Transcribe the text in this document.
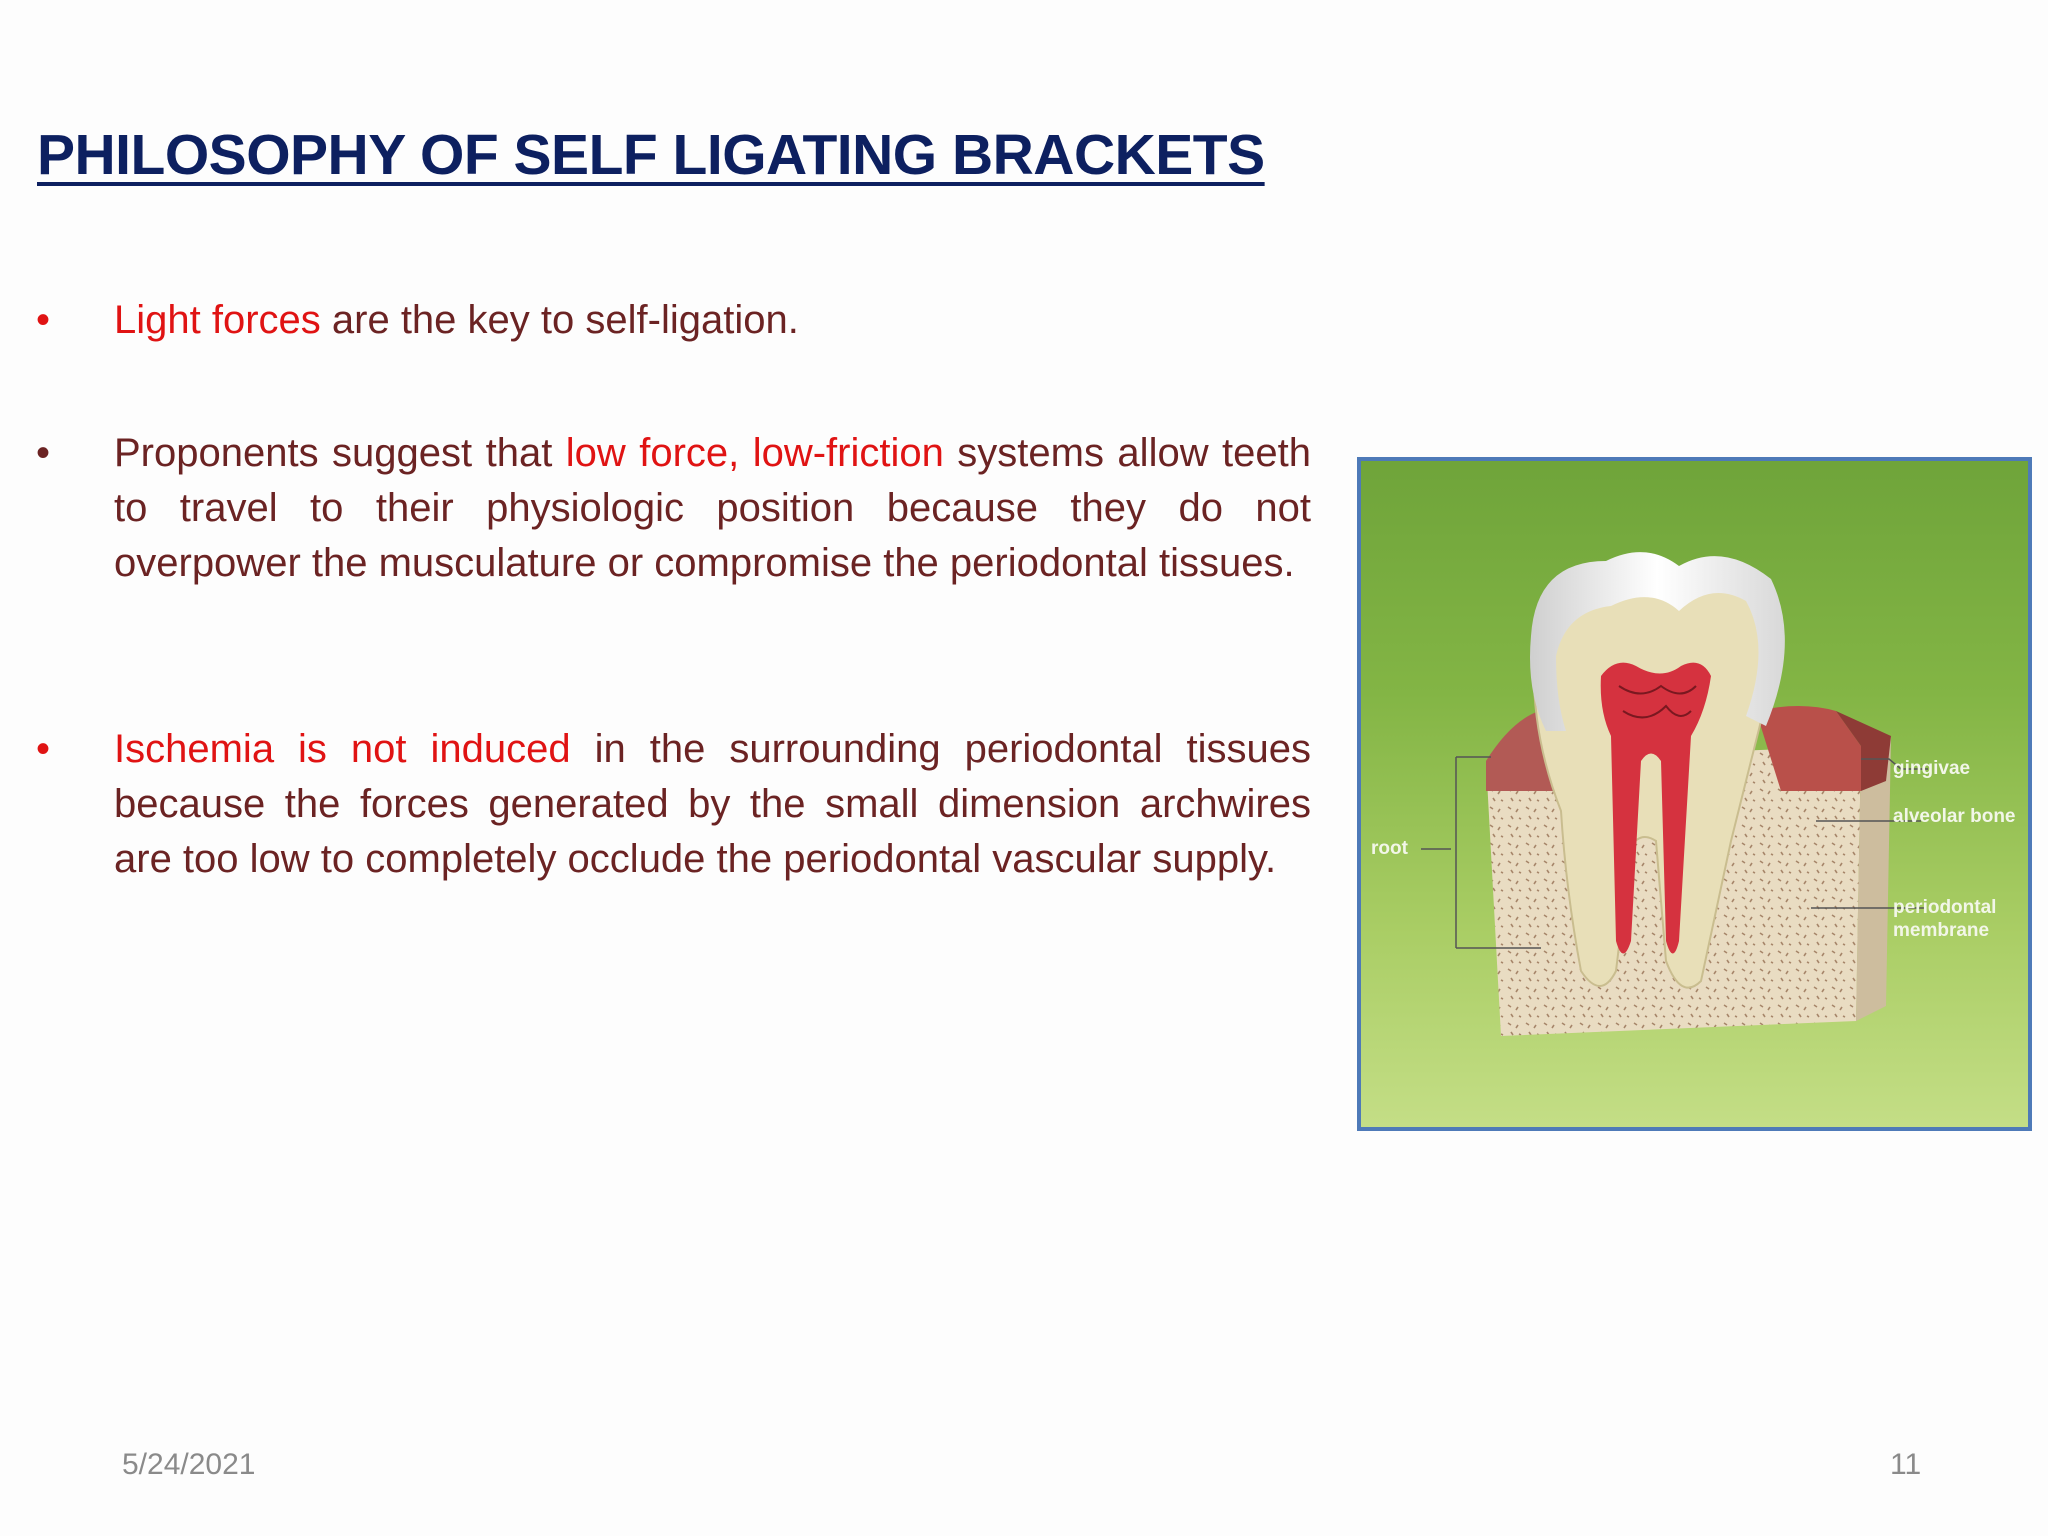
PHILOSOPHY OF SELF LIGATING BRACKETS
• Light forces are the key to self-ligation.
• Proponents suggest that low force, low-friction systems allow teeth to travel to their physiologic position because they do not overpower the musculature or compromise the periodontal tissues.
• Ischemia is not induced in the surrounding periodontal tissues because the forces generated by the small dimension archwires are too low to completely occlude the periodontal vascular supply.	root
gingivae
alveolar bone
periodontal membrane
5/24/2021	11
